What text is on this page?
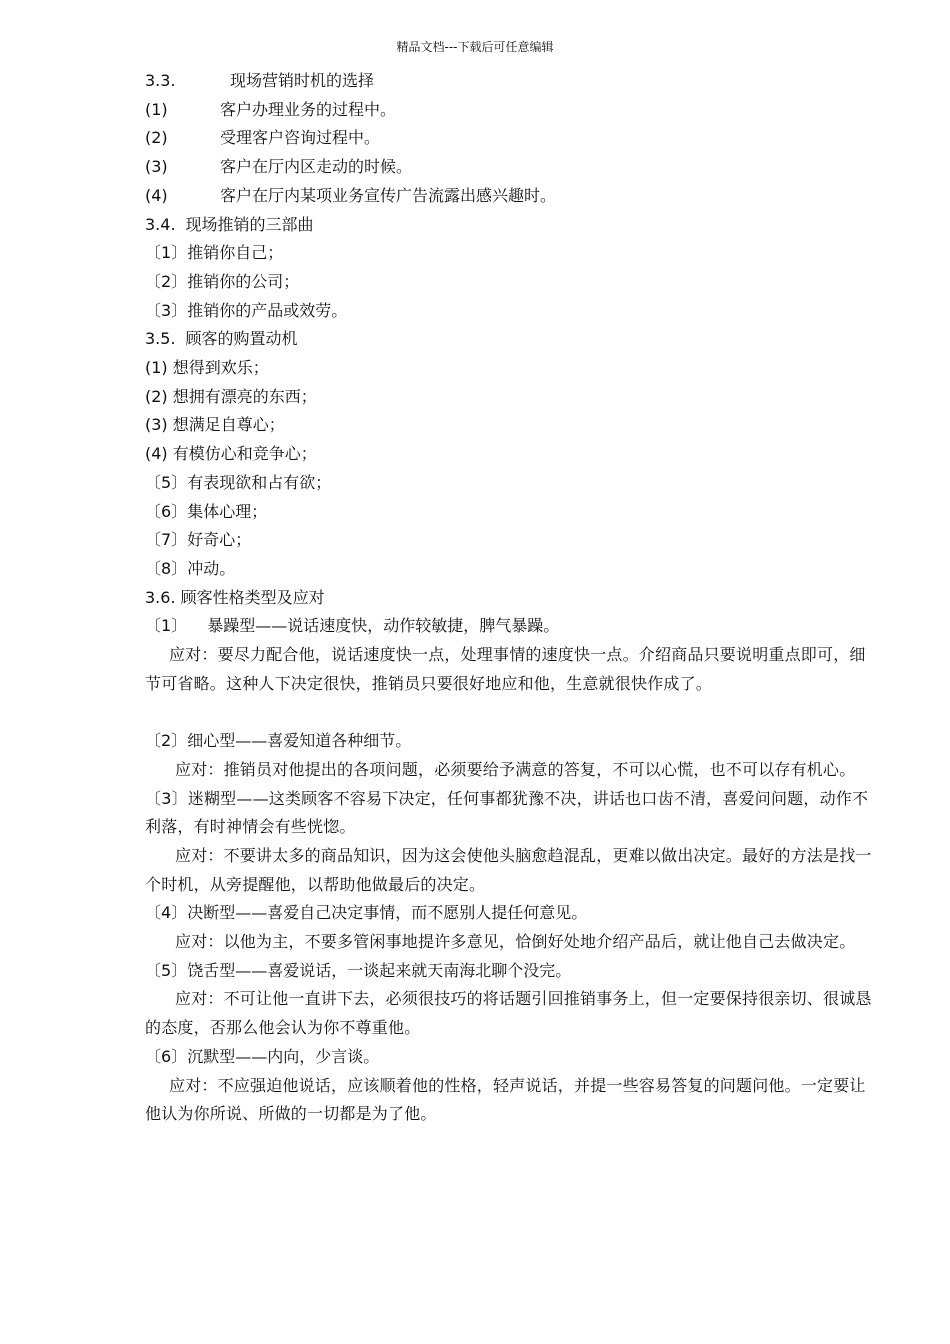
精品文档---下载后可任意编辑
3.3.	现场营销时机的选择
(1)	客户办理业务的过程中。
(2)	受理客户咨询过程中。
(3)	客户在厅内区走动的时候。
(4)	客户在厅内某项业务宣传广告流露出感兴趣时。
3.4. 现场推销的三部曲
〔1〕推销你自己；
〔2〕推销你的公司；
〔3〕推销你的产品或效劳。
3.5. 顾客的购置动机
(1) 想得到欢乐；
(2) 想拥有漂亮的东西；
(3) 想满足自尊心；
(4) 有模仿心和竞争心；
〔5〕有表现欲和占有欲；
〔6〕集体心理；
〔7〕好奇心；
〔8〕冲动。
3.6. 顾客性格类型及应对
〔1〕 暴躁型——说话速度快，动作较敏捷，脾气暴躁。

应对：要尽力配合他，说话速度快一点，处理事情的速度快一点。介绍商品只要说明重点即可，细节可省略。这种人下决定很快，推销员只要很好地应和他，生意就很快作成了。

〔2〕细心型——喜爱知道各种细节。

应对：推销员对他提出的各项问题，必须要给予满意的答复，不可以心慌，也不可以存有机心。

〔3〕迷糊型——这类顾客不容易下决定，任何事都犹豫不决，讲话也口齿不清，喜爱问问题，动作不利落，有时神情会有些恍惚。

应对：不要讲太多的商品知识，因为这会使他头脑愈趋混乱，更难以做出决定。最好的方法是找一个时机，从旁提醒他，以帮助他做最后的决定。

〔4〕决断型——喜爱自己决定事情，而不愿别人提任何意见。

应对：以他为主，不要多管闲事地提许多意见，恰倒好处地介绍产品后，就让他自己去做决定。

〔5〕饶舌型——喜爱说话，一谈起来就天南海北聊个没完。

应对：不可让他一直讲下去，必须很技巧的将话题引回推销事务上，但一定要保持很亲切、很诚恳的态度，否那么他会认为你不尊重他。

〔6〕沉默型——内向，少言谈。

应对：不应强迫他说话，应该顺着他的性格，轻声说话，并提一些容易答复的问题问他。一定要让他认为你所说、所做的一切都是为了他。
